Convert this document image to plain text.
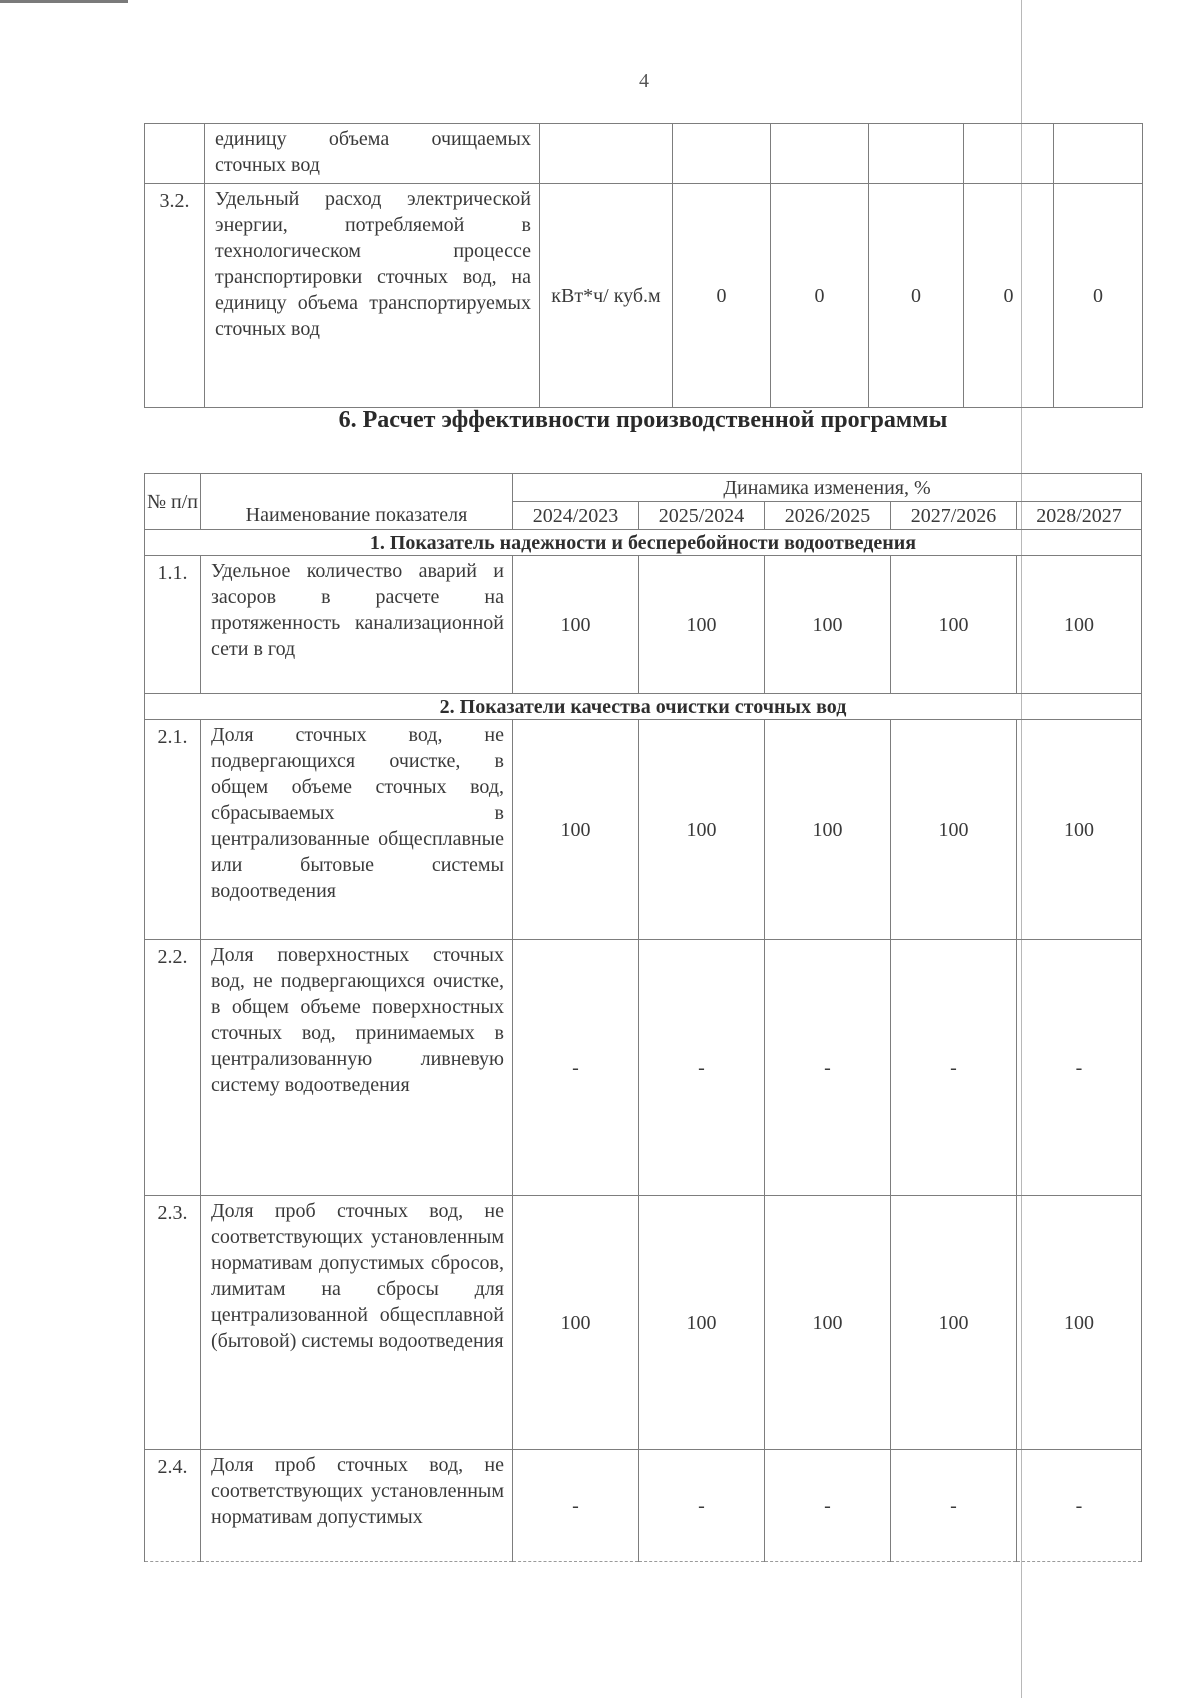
4
	единицу объема очищаемых сточных вод						
3.2.	Удельный расход электрической энергии, потребляемой в технологическом процессе транспортировки сточных вод, на единицу объема транспортируемых сточных вод	кВт*ч/ куб.м	0	0	0	0	0
6. Расчет эффективности производственной программы
№ п/п	Наименование показателя	Динамика изменения, %				
		2024/2023	2025/2024	2026/2025	2027/2026	2028/2027
1. Показатель надежности и бесперебойности водоотведения						
1.1.	Удельное количество аварий и засоров в расчете на протяженность канализационной сети в год	100	100	100	100	100
2. Показатели качества очистки сточных вод						
2.1.	Доля сточных вод, не подвергающихся очистке, в общем объеме сточных вод, сбрасываемых в централизованные общесплавные или бытовые системы водоотведения	100	100	100	100	100
2.2.	Доля поверхностных сточных вод, не подвергающихся очистке, в общем объеме поверхностных сточных вод, принимаемых в централизованную ливневую систему водоотведения	-	-	-	-	-
2.3.	Доля проб сточных вод, не соответствующих установленным нормативам допустимых сбросов, лимитам на сбросы для централизованной общесплавной (бытовой) системы водоотведения	100	100	100	100	100
2.4.	Доля проб сточных вод, не соответствующих установленным нормативам допустимых	-	-	-	-	-
